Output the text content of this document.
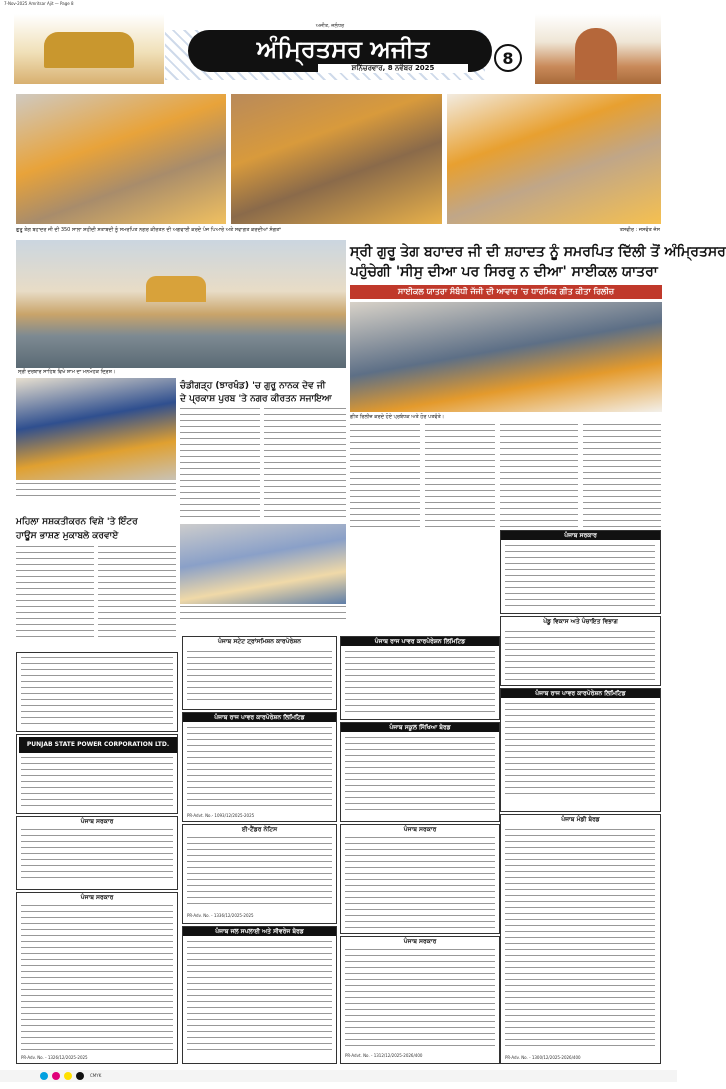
7-Nov-2025 Amritsar Ajit — Page 8
ਅੰਮ੍ਰਿਤਸਰ ਅਜੀਤ
ਅਜੀਤ, ਜਲੰਧਰ
ਸ਼ਨਿੱਚਰਵਾਰ, 8 ਨਵੰਬਰ 2025	8
ਗੁਰੂ ਤੇਗ ਬਹਾਦਰ ਜੀ ਦੀ 350 ਸਾਲਾ ਸ਼ਹੀਦੀ ਸ਼ਤਾਬਦੀ ਨੂੰ ਸਮਰਪਿਤ ਨਗਰ ਕੀਰਤਨ ਦੀ ਅਗਵਾਈ ਕਰਦੇ ਪੰਜ ਪਿਆਰੇ ਅਤੇ ਸਵਾਗਤ ਕਰਦੀਆਂ ਸੰਗਤਾਂ	ਤਸਵੀਰ : ਜਸਵੰਤ ਜੱਸ
ਸ੍ਰੀ ਦਰਬਾਰ ਸਾਹਿਬ ਵਿਖੇ ਸ਼ਾਮ ਦਾ ਮਨਮੋਹਕ ਦ੍ਰਿਸ਼।
ਸ੍ਰੀ ਗੁਰੂ ਤੇਗ ਬਹਾਦਰ ਜੀ ਦੀ ਸ਼ਹਾਦਤ ਨੂੰ ਸਮਰਪਿਤ ਦਿੱਲੀ ਤੋਂ ਅੰਮ੍ਰਿਤਸਰ
ਪਹੁੰਚੇਗੀ 'ਸੀਸੁ ਦੀਆ ਪਰ ਸਿਰਰੁ ਨ ਦੀਆ' ਸਾਈਕਲ ਯਾਤਰਾ
ਸਾਈਕਲ ਯਾਤਰਾ ਸੰਬੰਧੀ ਜੱਜੀ ਦੀ ਆਵਾਜ਼ 'ਚ ਧਾਰਮਿਕ ਗੀਤ ਕੀਤਾ ਰਿਲੀਜ਼
ਗੀਤ ਰਿਲੀਜ਼ ਕਰਦੇ ਹੋਏ ਪ੍ਰਬੰਧਕ ਅਤੇ ਹੋਰ ਪਤਵੰਤੇ।
ਚੰਡੀਗੜ੍ਹ (ਝਾਰਖੰਡ) 'ਚ ਗੁਰੂ ਨਾਨਕ ਦੇਵ ਜੀ
ਦੇ ਪ੍ਰਕਾਸ਼ ਪੁਰਬ 'ਤੇ ਨਗਰ ਕੀਰਤਨ ਸਜਾਇਆ
ਮਹਿਲਾ ਸਸ਼ਕਤੀਕਰਨ ਵਿਸ਼ੇ 'ਤੇ ਇੰਟਰ
ਹਾਊਸ ਭਾਸ਼ਣ ਮੁਕਾਬਲੇ ਕਰਵਾਏ	ਪੰਜਾਬ ਸਰਕਾਰ
ਪੇਂਡੂ ਵਿਕਾਸ ਅਤੇ ਪੰਚਾਇਤ ਵਿਭਾਗ
ਪੰਜਾਬ ਰਾਜ ਪਾਵਰ ਕਾਰਪੋਰੇਸ਼ਨ ਲਿਮਿਟਿਡ
ਪੰਜਾਬ ਸਟੇਟ ਟ੍ਰਾਂਸਮਿਸ਼ਨ ਕਾਰਪੋਰੇਸ਼ਨ
ਪੰਜਾਬ ਰਾਜ ਪਾਵਰ ਕਾਰਪੋਰੇਸ਼ਨ ਲਿਮਿਟਿਡ
PR-Advt. No.- 1093/12/2025-2025
PUNJAB STATE POWER CORPORATION LTD.
ਪੰਜਾਬ ਸਰਕਾਰ
ਪੰਜਾਬ ਸਰਕਾਰ
PR-Adv. No. - 1326/12/2025-2025
ਪੰਜਾਬ ਸਕੂਲ ਸਿੱਖਿਆ ਬੋਰਡ
ਪੰਜਾਬ ਰਾਜ ਪਾਵਰ ਕਾਰਪੋਰੇਸ਼ਨ ਲਿਮਿਟਿਡ
ਈ-ਟੈਂਡਰ ਨੋਟਿਸ
PR-Adv. No. - 1336/12/2025-2025
ਪੰਜਾਬ ਸਰਕਾਰ
ਪੰਜਾਬ ਮੰਡੀ ਬੋਰਡ
PR-Adv. No. - 1300/12/2025-2026/400
ਪੰਜਾਬ ਜਲ ਸਪਲਾਈ ਅਤੇ ਸੀਵਰੇਜ ਬੋਰਡ
ਪੰਜਾਬ ਸਰਕਾਰ
PR-Advt. No. - 1312/12/2025-2026/400
CMYK
